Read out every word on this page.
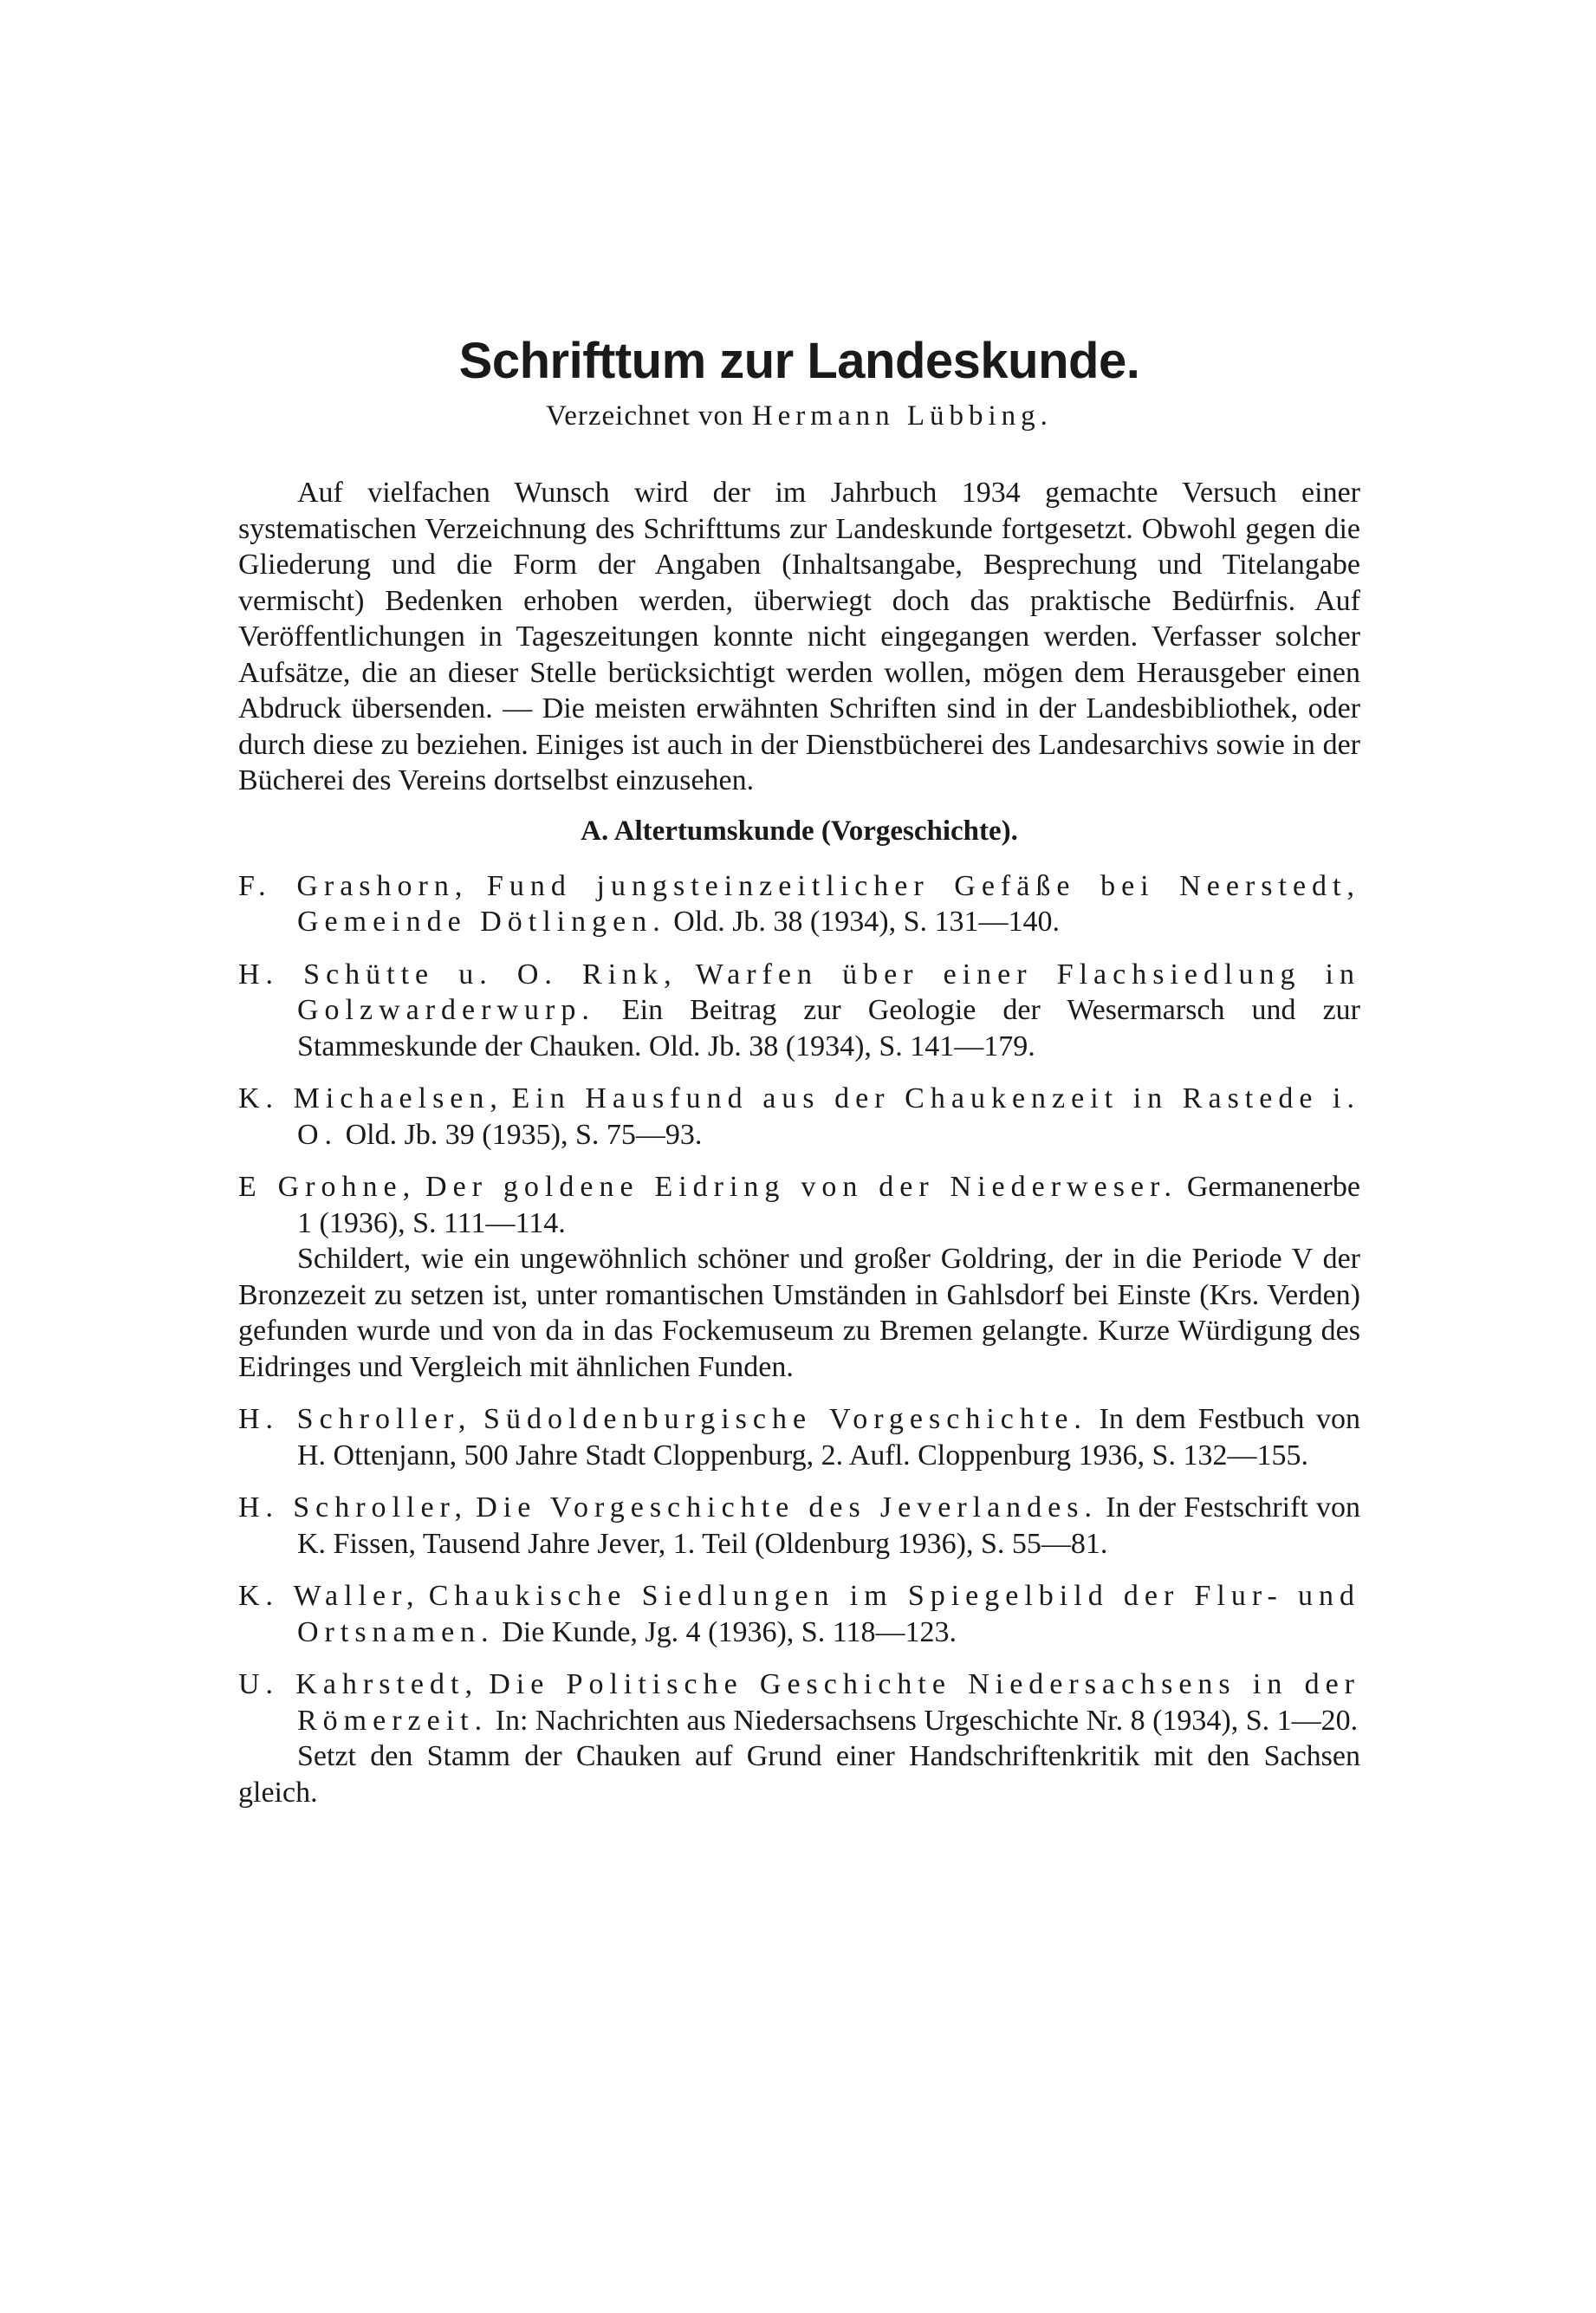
Schrifttum zur Landeskunde.

Verzeichnet von Hermann Lübbing.

Auf vielfachen Wunsch wird der im Jahrbuch 1934 gemachte Versuch einer systematischen Verzeichnung des Schrifttums zur Landeskunde fortgesetzt. Obwohl gegen die Gliederung und die Form der Angaben (Inhaltsangabe, Besprechung und Titelangabe vermischt) Bedenken erhoben werden, überwiegt doch das praktische Bedürfnis. Auf Veröffentlichungen in Tageszeitungen konnte nicht eingegangen werden. Verfasser solcher Aufsätze, die an dieser Stelle berücksichtigt werden wollen, mögen dem Herausgeber einen Abdruck übersenden. — Die meisten erwähnten Schriften sind in der Landesbibliothek, oder durch diese zu beziehen. Einiges ist auch in der Dienstbücherei des Landesarchivs sowie in der Bücherei des Vereins dortselbst einzusehen.

A. Altertumskunde (Vorgeschichte).

F. Grashorn, Fund jungsteinzeitlicher Gefäße bei Neerstedt, Gemeinde Dötlingen. Old. Jb. 38 (1934), S. 131—140.

H. Schütte u. O. Rink, Warfen über einer Flachsiedlung in Golzwarderwurp. Ein Beitrag zur Geologie der Wesermarsch und zur Stammeskunde der Chauken. Old. Jb. 38 (1934), S. 141—179.

K. Michaelsen, Ein Hausfund aus der Chaukenzeit in Rastede i. O. Old. Jb. 39 (1935), S. 75—93.

E Grohne, Der goldene Eidring von der Niederweser. Germanenerbe 1 (1936), S. 111—114.

Schildert, wie ein ungewöhnlich schöner und großer Goldring, der in die Periode V der Bronzezeit zu setzen ist, unter romantischen Umständen in Gahlsdorf bei Einste (Krs. Verden) gefunden wurde und von da in das Fockemuseum zu Bremen gelangte. Kurze Würdigung des Eidringes und Vergleich mit ähnlichen Funden.

H. Schroller, Südoldenburgische Vorgeschichte. In dem Festbuch von H. Ottenjann, 500 Jahre Stadt Cloppenburg, 2. Aufl. Cloppenburg 1936, S. 132—155.

H. Schroller, Die Vorgeschichte des Jeverlandes. In der Festschrift von K. Fissen, Tausend Jahre Jever, 1. Teil (Oldenburg 1936), S. 55—81.

K. Waller, Chaukische Siedlungen im Spiegelbild der Flur- und Ortsnamen. Die Kunde, Jg. 4 (1936), S. 118—123.

U. Kahrstedt, Die Politische Geschichte Niedersachsens in der Römerzeit. In: Nachrichten aus Niedersachsens Urgeschichte Nr. 8 (1934), S. 1—20.

Setzt den Stamm der Chauken auf Grund einer Handschriftenkritik mit den Sachsen gleich.
